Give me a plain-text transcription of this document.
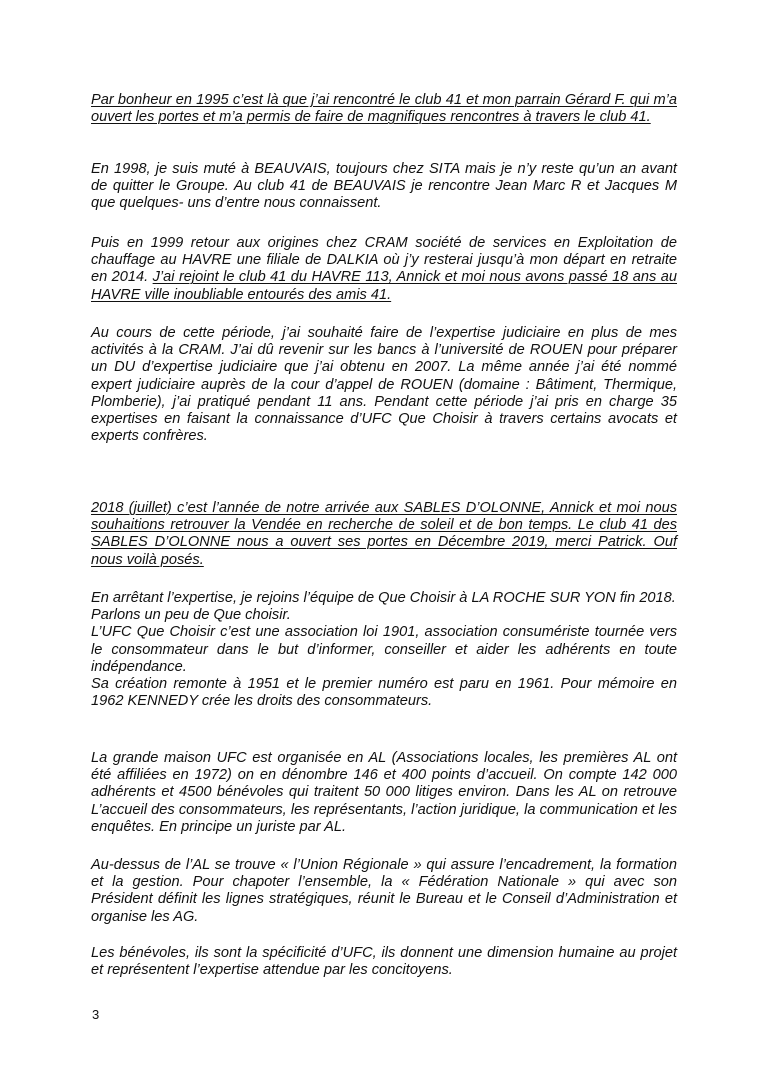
Par bonheur en 1995 c’est là que j’ai rencontré le club 41 et mon parrain Gérard F. qui m’a ouvert les portes et m’a permis de faire de magnifiques rencontres à travers le club 41.

En 1998, je suis muté à BEAUVAIS, toujours chez SITA mais je n’y reste qu’un an avant de quitter le Groupe. Au club 41 de BEAUVAIS je rencontre Jean Marc R et Jacques M que quelques- uns d’entre nous connaissent.

Puis en 1999 retour aux origines chez CRAM société de services en Exploitation de chauffage au HAVRE une filiale de DALKIA où j’y resterai jusqu’à mon départ en retraite en 2014. J’ai rejoint le club 41 du HAVRE 113, Annick et moi nous avons passé 18 ans au HAVRE ville inoubliable entourés des amis 41.

Au cours de cette période, j’ai souhaité faire de l’expertise judiciaire en plus de mes activités à la CRAM. J’ai dû revenir sur les bancs à l’université de ROUEN pour préparer un DU d’expertise judiciaire que j’ai obtenu en 2007. La même année j’ai été nommé expert judiciaire auprès de la cour d’appel de ROUEN (domaine : Bâtiment, Thermique, Plomberie), j’ai pratiqué pendant 11 ans. Pendant cette période j’ai pris en charge 35 expertises en faisant la connaissance d’UFC Que Choisir à travers certains avocats et experts confrères.

2018 (juillet) c’est l’année de notre arrivée aux SABLES D’OLONNE, Annick et moi nous souhaitions retrouver la Vendée en recherche de soleil et de bon temps. Le club 41 des SABLES D’OLONNE nous a ouvert ses portes en Décembre 2019, merci Patrick. Ouf nous voilà posés.

En arrêtant l’expertise, je rejoins l’équipe de Que Choisir à LA ROCHE SUR YON fin 2018.
Parlons un peu de Que choisir.
L’UFC Que Choisir c’est une association loi 1901, association consumériste tournée vers le consommateur dans le but d’informer, conseiller et aider les adhérents en toute indépendance.
Sa création remonte à 1951 et le premier numéro est paru en 1961. Pour mémoire en 1962 KENNEDY crée les droits des consommateurs.

La grande maison UFC est organisée en AL (Associations locales, les premières AL ont été affiliées en 1972) on en dénombre 146 et 400 points d’accueil. On compte 142 000 adhérents et 4500 bénévoles qui traitent 50 000 litiges environ. Dans les AL on retrouve L’accueil des consommateurs, les représentants, l’action juridique, la communication et les enquêtes. En principe un juriste par AL.

Au-dessus de l’AL se trouve « l’Union Régionale » qui assure l’encadrement, la formation et la gestion. Pour chapoter l’ensemble, la « Fédération Nationale » qui avec son Président définit les lignes stratégiques, réunit le Bureau et le Conseil d’Administration et organise les AG.

Les bénévoles, ils sont la spécificité d’UFC, ils donnent une dimension humaine au projet et représentent l’expertise attendue par les concitoyens.

3
